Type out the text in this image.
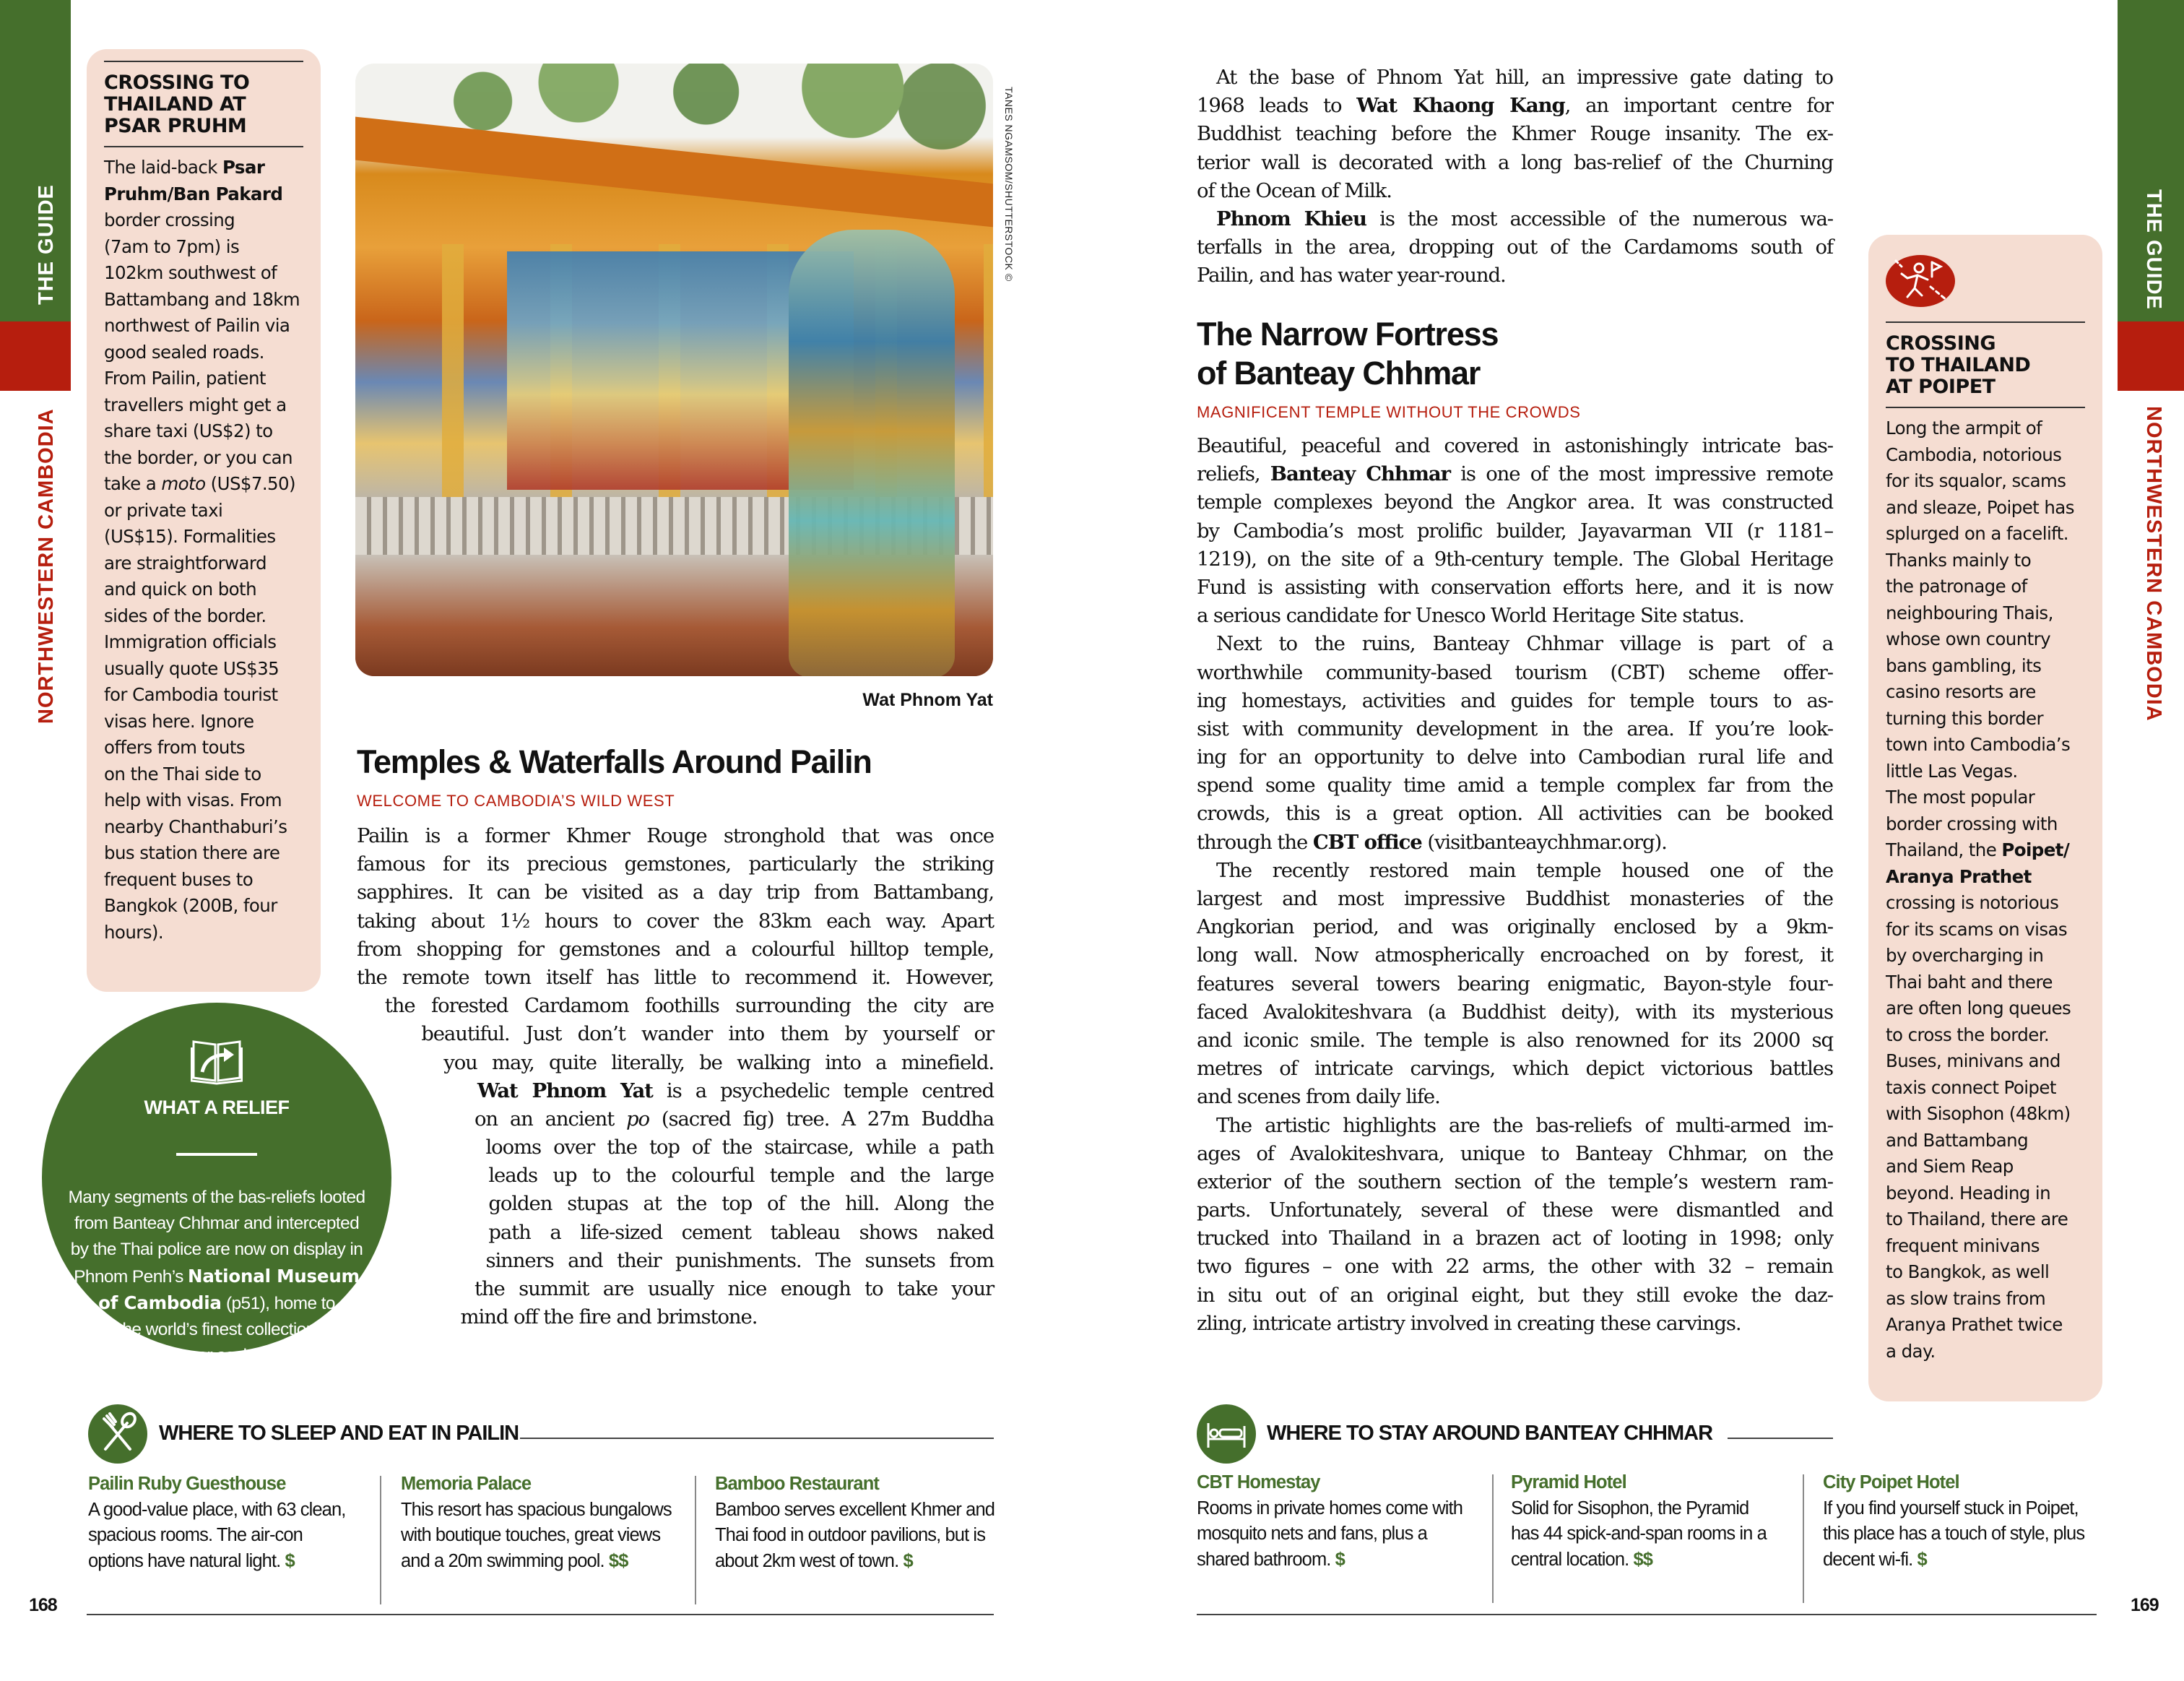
THE GUIDE
NORTHWESTERN CAMBODIA
CROSSING TO
THAILAND AT
PSAR PRUHM
The laid-back Psar
Pruhm/Ban Pakard
border crossing
(7am to 7pm) is
102km southwest of
Battambang and 18km
northwest of Pailin via
good sealed roads.
From Pailin, patient
travellers might get a
share taxi (US$2) to
the border, or you can
take a moto (US$7.50)
or private taxi
(US$15). Formalities
are straightforward
and quick on both
sides of the border.
Immigration officials
usually quote US$35
for Cambodia tourist
visas here. Ignore
offers from touts
on the Thai side to
help with visas. From
nearby Chanthaburi’s
bus station there are
frequent buses to
Bangkok (200B, four
hours).
TANES NGAMSOM/SHUTTERSTOCK ©
Wat Phnom Yat
Temples & Waterfalls Around Pailin
WELCOME TO CAMBODIA’S WILD WEST
Pailin is a former Khmer Rouge stronghold that was once
famous for its precious gemstones, particularly the striking
sapphires. It can be visited as a day trip from Battambang,
taking about 1½ hours to cover the 83km each way. Apart
from shopping for gemstones and a colourful hilltop temple,
the remote town itself has little to recommend it. However,
the forested Cardamom foothills surrounding the city are
beautiful. Just don’t wander into them by yourself or
you may, quite literally, be walking into a minefield.
Wat Phnom Yat is a psychedelic temple centred
on an ancient po (sacred fig) tree. A 27m Buddha
looms over the top of the staircase, while a path
leads up to the colourful temple and the large
golden stupas at the top of the hill. Along the
path a life-sized cement tableau shows naked
sinners and their punishments. The sunsets from
the summit are usually nice enough to take your
mind off the fire and brimstone.
WHAT A RELIEF
Many segments of the bas-reliefs looted
from Banteay Chhmar and intercepted
by the Thai police are now on display in
Phnom Penh’s National Museum
of Cambodia (p51), home to
the world’s finest collection
of Khmer sculpture.
WHERE TO SLEEP AND EAT IN PAILIN
Pailin Ruby Guesthouse
A good-value place, with 63 clean, spacious rooms. The air-con options have natural light. $
Memoria Palace
This resort has spacious bungalows with boutique touches, great views and a 20m swimming pool. $$
Bamboo Restaurant
Bamboo serves excellent Khmer and Thai food in outdoor pavilions, but is about 2km west of town. $
168
At the base of Phnom Yat hill, an impressive gate dating to
1968 leads to Wat Khaong Kang, an important centre for
Buddhist teaching before the Khmer Rouge insanity. The ex-
terior wall is decorated with a long bas-relief of the Churning
of the Ocean of Milk.
Phnom Khieu is the most accessible of the numerous wa-
terfalls in the area, dropping out of the Cardamoms south of
Pailin, and has water year-round.
The Narrow Fortress
of Banteay Chhmar
MAGNIFICENT TEMPLE WITHOUT THE CROWDS
Beautiful, peaceful and covered in astonishingly intricate bas-
reliefs, Banteay Chhmar is one of the most impressive remote
temple complexes beyond the Angkor area. It was constructed
by Cambodia’s most prolific builder, Jayavarman VII (r 1181–
1219), on the site of a 9th-century temple. The Global Heritage
Fund is assisting with conservation efforts here, and it is now
a serious candidate for Unesco World Heritage Site status.
Next to the ruins, Banteay Chhmar village is part of a
worthwhile community-based tourism (CBT) scheme offer-
ing homestays, activities and guides for temple tours to as-
sist with community development in the area. If you’re look-
ing for an opportunity to delve into Cambodian rural life and
spend some quality time amid a temple complex far from the
crowds, this is a great option. All activities can be booked
through the CBT office (visitbanteaychhmar.org).
The recently restored main temple housed one of the
largest and most impressive Buddhist monasteries of the
Angkorian period, and was originally enclosed by a 9km-
long wall. Now atmospherically encroached on by forest, it
features several towers bearing enigmatic, Bayon-style four-
faced Avalokiteshvara (a Buddhist deity), with its mysterious
and iconic smile. The temple is also renowned for its 2000 sq
metres of intricate carvings, which depict victorious battles
and scenes from daily life.
The artistic highlights are the bas-reliefs of multi-armed im-
ages of Avalokiteshvara, unique to Banteay Chhmar, on the
exterior of the southern section of the temple’s western ram-
parts. Unfortunately, several of these were dismantled and
trucked into Thailand in a brazen act of looting in 1998; only
two figures – one with 22 arms, the other with 32 – remain
in situ out of an original eight, but they still evoke the daz-
zling, intricate artistry involved in creating these carvings.
CROSSING
TO THAILAND
AT POIPET
Long the armpit of
Cambodia, notorious
for its squalor, scams
and sleaze, Poipet has
splurged on a facelift.
Thanks mainly to
the patronage of
neighbouring Thais,
whose own country
bans gambling, its
casino resorts are
turning this border
town into Cambodia’s
little Las Vegas.
The most popular
border crossing with
Thailand, the Poipet/
Aranya Prathet
crossing is notorious
for its scams on visas
by overcharging in
Thai baht and there
are often long queues
to cross the border.
Buses, minivans and
taxis connect Poipet
with Sisophon (48km)
and Battambang
and Siem Reap
beyond. Heading in
to Thailand, there are
frequent minivans
to Bangkok, as well
as slow trains from
Aranya Prathet twice
a day.
THE GUIDE
NORTHWESTERN CAMBODIA
WHERE TO STAY AROUND BANTEAY CHHMAR
CBT Homestay
Rooms in private homes come with mosquito nets and fans, plus a shared bathroom. $
Pyramid Hotel
Solid for Sisophon, the Pyramid has 44 spick-and-span rooms in a central location. $$
City Poipet Hotel
If you find yourself stuck in Poipet, this place has a touch of style, plus decent wi-fi. $
169
